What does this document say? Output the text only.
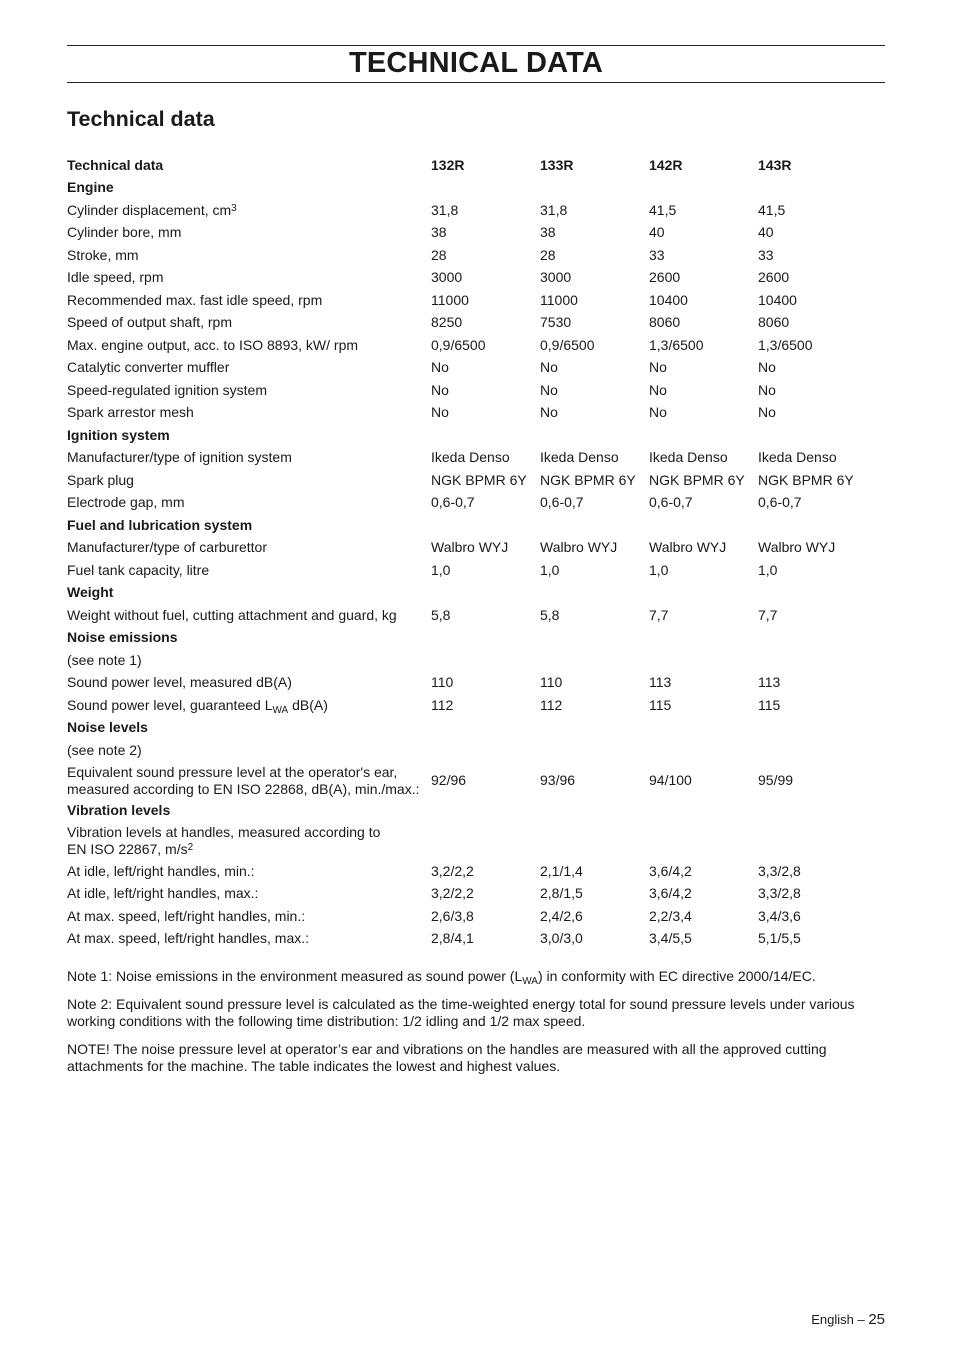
TECHNICAL DATA
Technical data
Technical data	132R	133R	142R	143R
Engine				
Cylinder displacement, $cm^3$	31,8	31,8	41,5	41,5
Cylinder bore, mm	38	38	40	40
Stroke, mm	28	28	33	33
Idle speed, rpm	3000	3000	2600	2600
Recommended max. fast idle speed, rpm	11000	11000	10400	10400
Speed of output shaft, rpm	8250	7530	8060	8060
Max. engine output, acc. to ISO 8893, kW/ rpm	0,9/6500	0,9/6500	1,3/6500	1,3/6500
Catalytic converter muffler	No	No	No	No
Speed-regulated ignition system	No	No	No	No
Spark arrestor mesh	No	No	No	No
Ignition system				
Manufacturer/type of ignition system	Ikeda Denso	Ikeda Denso	Ikeda Denso	Ikeda Denso
Spark plug	NGK BPMR 6Y	NGK BPMR 6Y	NGK BPMR 6Y	NGK BPMR 6Y
Electrode gap, mm	0,6-0,7	0,6-0,7	0,6-0,7	0,6-0,7
Fuel and lubrication system				
Manufacturer/type of carburettor	Walbro WYJ	Walbro WYJ	Walbro WYJ	Walbro WYJ
Fuel tank capacity, litre	1,0	1,0	1,0	1,0
Weight				
Weight without fuel, cutting attachment and guard, kg	5,8	5,8	7,7	7,7
Noise emissions				
(see note 1)				
Sound power level, measured dB(A)	110	110	113	113
Sound power level, guaranteed $L_{WA}$ dB(A)	112	112	115	115
Noise levels				
(see note 2)				
Equivalent sound pressure level at the operator's ear,
measured according to EN ISO 22868, dB(A), min./max.:	92/96	93/96	94/100	95/99
Vibration levels				
Vibration levels at handles, measured according to
EN ISO 22867, $m/s^2$				
At idle, left/right handles, min.:	3,2/2,2	2,1/1,4	3,6/4,2	3,3/2,8
At idle, left/right handles, max.:	3,2/2,2	2,8/1,5	3,6/4,2	3,3/2,8
At max. speed, left/right handles, min.:	2,6/3,8	2,4/2,6	2,2/3,4	3,4/3,6
At max. speed, left/right handles, max.:	2,8/4,1	3,0/3,0	3,4/5,5	5,1/5,5

Note 1: Noise emissions in the environment measured as sound power $(L_{WA})$ in conformity with EC directive 2000/14/EC.

Note 2: Equivalent sound pressure level is calculated as the time-weighted energy total for sound pressure levels under various working conditions with the following time distribution: 1/2 idling and 1/2 max speed.

NOTE! The noise pressure level at operator’s ear and vibrations on the handles are measured with all the approved cutting attachments for the machine. The table indicates the lowest and highest values.

English – 25
